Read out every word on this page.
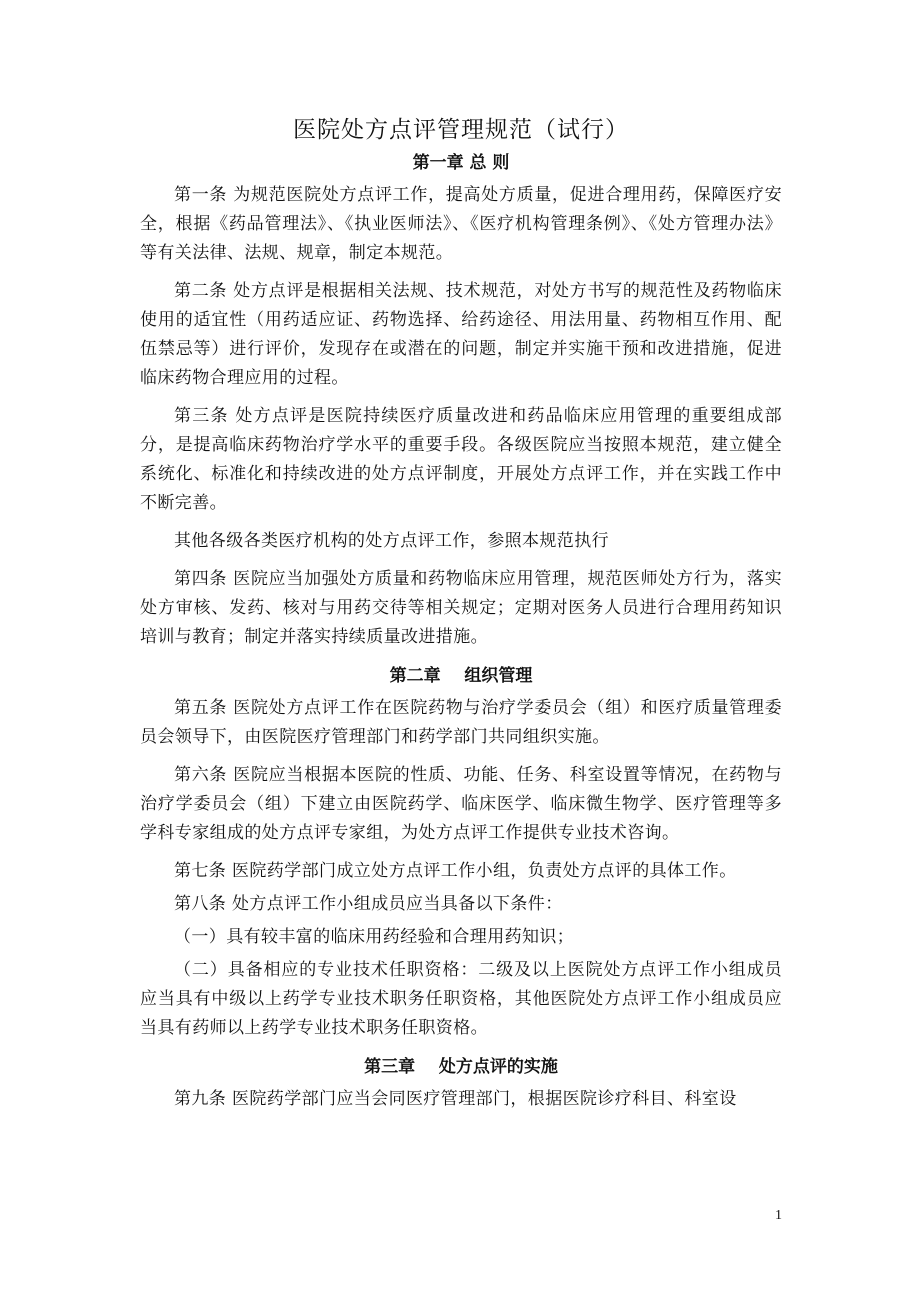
医院处方点评管理规范（试行）
第一章 总 则

第一条 为规范医院处方点评工作，提高处方质量，促进合理用药，保障医疗安全，根据《药品管理法》、《执业医师法》、《医疗机构管理条例》、《处方管理办法》等有关法律、法规、规章，制定本规范。

第二条 处方点评是根据相关法规、技术规范，对处方书写的规范性及药物临床使用的适宜性（用药适应证、药物选择、给药途径、用法用量、药物相互作用、配伍禁忌等）进行评价，发现存在或潜在的问题，制定并实施干预和改进措施，促进临床药物合理应用的过程。

第三条 处方点评是医院持续医疗质量改进和药品临床应用管理的重要组成部分，是提高临床药物治疗学水平的重要手段。各级医院应当按照本规范，建立健全系统化、标准化和持续改进的处方点评制度，开展处方点评工作，并在实践工作中不断完善。

其他各级各类医疗机构的处方点评工作，参照本规范执行

第四条 医院应当加强处方质量和药物临床应用管理，规范医师处方行为，落实处方审核、发药、核对与用药交待等相关规定；定期对医务人员进行合理用药知识培训与教育；制定并落实持续质量改进措施。

第二章    组织管理

第五条 医院处方点评工作在医院药物与治疗学委员会（组）和医疗质量管理委员会领导下，由医院医疗管理部门和药学部门共同组织实施。

第六条 医院应当根据本医院的性质、功能、任务、科室设置等情况，在药物与治疗学委员会（组）下建立由医院药学、临床医学、临床微生物学、医疗管理等多学科专家组成的处方点评专家组，为处方点评工作提供专业技术咨询。

第七条 医院药学部门成立处方点评工作小组，负责处方点评的具体工作。

第八条 处方点评工作小组成员应当具备以下条件：

（一）具有较丰富的临床用药经验和合理用药知识；

（二）具备相应的专业技术任职资格：二级及以上医院处方点评工作小组成员应当具有中级以上药学专业技术职务任职资格，其他医院处方点评工作小组成员应当具有药师以上药学专业技术职务任职资格。

第三章    处方点评的实施

第九条 医院药学部门应当会同医疗管理部门，根据医院诊疗科目、科室设

1
